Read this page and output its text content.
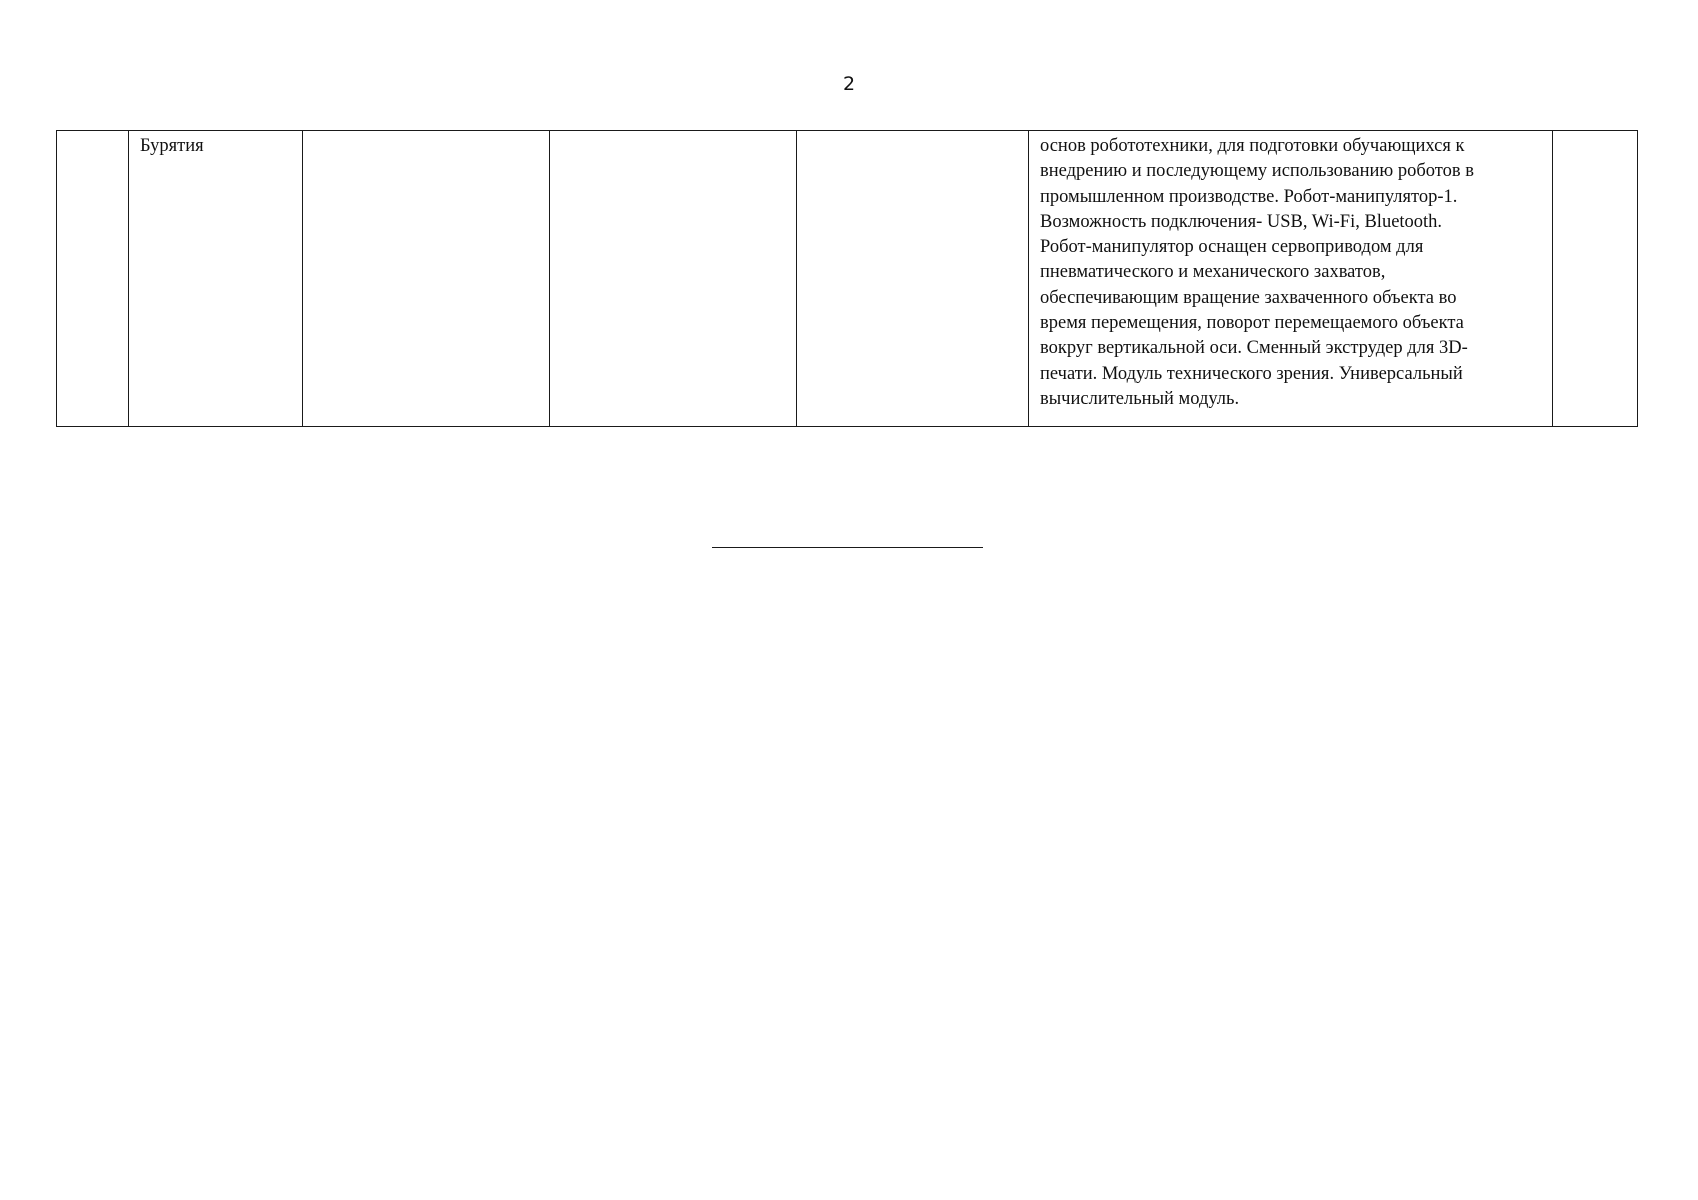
2

Бурятия				основ робототехники, для подготовки обучающихся к
внедрению и последующему использованию роботов в
промышленном производстве. Робот-манипулятор-1.
Возможность подключения- USB, Wi-Fi, Bluetooth.
Робот-манипулятор оснащен сервоприводом для
пневматического и механического захватов,
обеспечивающим вращение захваченного объекта во
время перемещения, поворот перемещаемого объекта
вокруг вертикальной оси. Сменный экструдер для 3D-
печати. Модуль технического зрения. Универсальный
вычислительный модуль.
